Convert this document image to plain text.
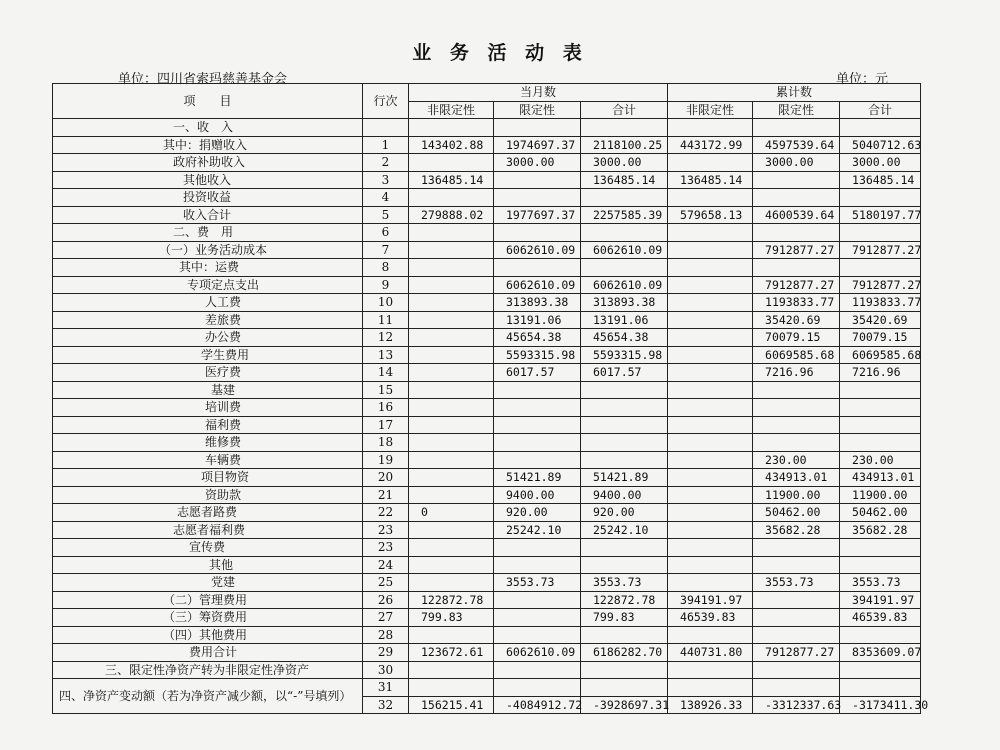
业 务 活 动 表
单位：四川省索玛慈善基金会	单位：元
项　　目	行次	当月数			累计数		
		非限定性	限定性	合计	非限定性	限定性	合计
一、收　入							
其中：捐赠收入	1	143402.88	1974697.37	2118100.25	443172.99	4597539.64	5040712.63
政府补助收入	2		3000.00	3000.00		3000.00	3000.00
其他收入	3	136485.14		136485.14	136485.14		136485.14
投资收益	4						
收入合计	5	279888.02	1977697.37	2257585.39	579658.13	4600539.64	5180197.77
二、费　用	6						
（一）业务活动成本	7		6062610.09	6062610.09		7912877.27	7912877.27
其中：运费	8						
专项定点支出	9		6062610.09	6062610.09		7912877.27	7912877.27
人工费	10		313893.38	313893.38		1193833.77	1193833.77
差旅费	11		13191.06	13191.06		35420.69	35420.69
办公费	12		45654.38	45654.38		70079.15	70079.15
学生费用	13		5593315.98	5593315.98		6069585.68	6069585.68
医疗费	14		6017.57	6017.57		7216.96	7216.96
基建	15						
培训费	16						
福利费	17						
维修费	18						
车辆费	19					230.00	230.00
项目物资	20		51421.89	51421.89		434913.01	434913.01
资助款	21		9400.00	9400.00		11900.00	11900.00
志愿者路费	22	0	920.00	920.00		50462.00	50462.00
志愿者福利费	23		25242.10	25242.10		35682.28	35682.28
宣传费	23						
其他	24						
党建	25		3553.73	3553.73		3553.73	3553.73
（二）管理费用	26	122872.78		122872.78	394191.97		394191.97
（三）筹资费用	27	799.83		799.83	46539.83		46539.83
（四）其他费用	28						
费用合计	29	123672.61	6062610.09	6186282.70	440731.80	7912877.27	8353609.07
三、限定性净资产转为非限定性净资产	30						
四、净资产变动额（若为净资产减少额，以“-”号填列）	31						
	32	156215.41	-4084912.72	-3928697.31	138926.33	-3312337.63	-3173411.30
